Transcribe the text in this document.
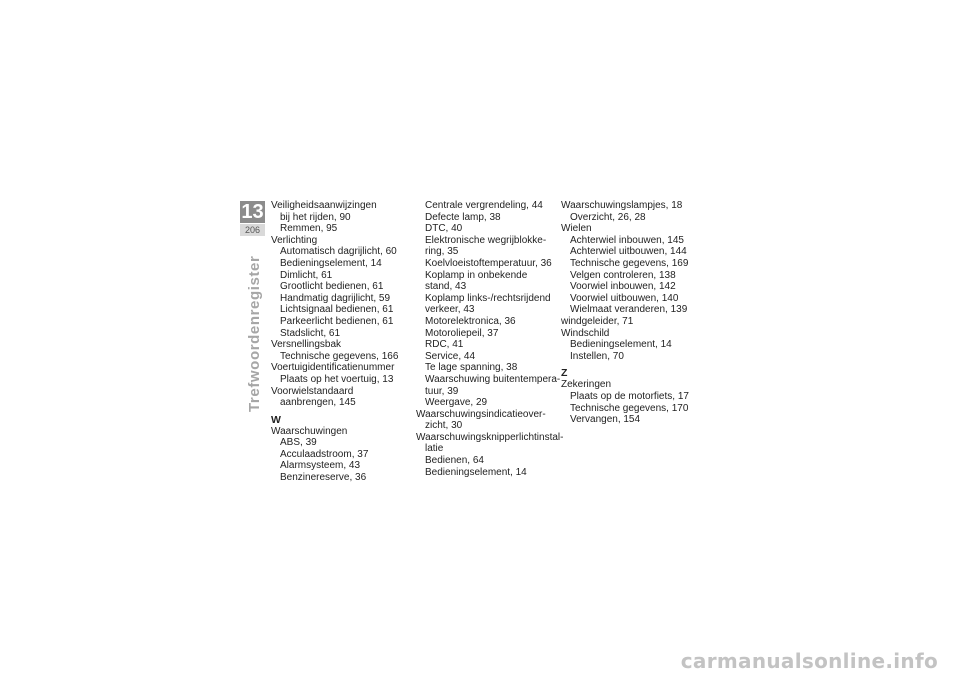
13
206
Trefwoordenregister
Veiligheidsaanwijzingen
bij het rijden, 90
Remmen, 95
Verlichting
Automatisch dagrijlicht, 60
Bedieningselement, 14
Dimlicht, 61
Grootlicht bedienen, 61
Handmatig dagrijlicht, 59
Lichtsignaal bedienen, 61
Parkeerlicht bedienen, 61
Stadslicht, 61
Versnellingsbak
Technische gegevens, 166
Voertuigidentificatienummer
Plaats op het voertuig, 13
Voorwielstandaard
aanbrengen, 145
W
Waarschuwingen
ABS, 39
Acculaadstroom, 37
Alarmsysteem, 43
Benzinereserve, 36
Centrale vergrendeling, 44
Defecte lamp, 38
DTC, 40
Elektronische wegrijblokke-
ring, 35
Koelvloeistoftemperatuur, 36
Koplamp in onbekende
stand, 43
Koplamp links-/rechtsrijdend
verkeer, 43
Motorelektronica, 36
Motoroliepeil, 37
RDC, 41
Service, 44
Te lage spanning, 38
Waarschuwing buitentempera-
tuur, 39
Weergave, 29
Waarschuwingsindicatieover-
zicht, 30
Waarschuwingsknipperlichtinstal-
latie
Bedienen, 64
Bedieningselement, 14
Waarschuwingslampjes, 18
Overzicht, 26, 28
Wielen
Achterwiel inbouwen, 145
Achterwiel uitbouwen, 144
Technische gegevens, 169
Velgen controleren, 138
Voorwiel inbouwen, 142
Voorwiel uitbouwen, 140
Wielmaat veranderen, 139
windgeleider, 71
Windschild
Bedieningselement, 14
Instellen, 70
Z
Zekeringen
Plaats op de motorfiets, 17
Technische gegevens, 170
Vervangen, 154
carmanualsonline.info
